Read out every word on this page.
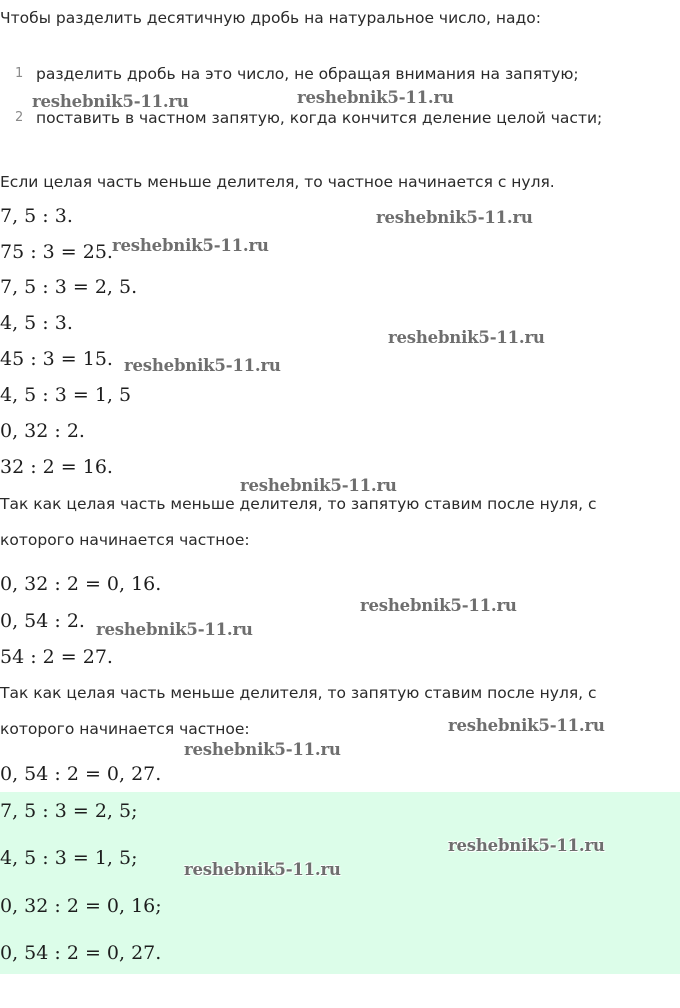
Чтобы разделить десятичную дробь на натуральное число, надо:
1 разделить дробь на это число, не обращая внимания на запятую;
2 поставить в частном запятую, когда кончится деление целой части;
Если целая часть меньше делителя, то частное начинается с нуля.
7, 5 : 3.
75 : 3 = 25.
7, 5 : 3 = 2, 5.
4, 5 : 3.
45 : 3 = 15.
4, 5 : 3 = 1, 5
0, 32 : 2.
32 : 2 = 16.
Так как целая часть меньше делителя, то запятую ставим после нуля, с
которого начинается частное:
0, 32 : 2 = 0, 16.
0, 54 : 2.
54 : 2 = 27.
Так как целая часть меньше делителя, то запятую ставим после нуля, с
которого начинается частное:
0, 54 : 2 = 0, 27.
7, 5 : 3 = 2, 5;
4, 5 : 3 = 1, 5;
0, 32 : 2 = 0, 16;
0, 54 : 2 = 0, 27.
reshebnik5-11.ru	reshebnik5-11.ru
reshebnik5-11.ru
reshebnik5-11.ru
reshebnik5-11.ru
reshebnik5-11.ru
reshebnik5-11.ru
reshebnik5-11.ru
reshebnik5-11.ru
reshebnik5-11.ru
reshebnik5-11.ru
reshebnik5-11.ru
reshebnik5-11.ru
